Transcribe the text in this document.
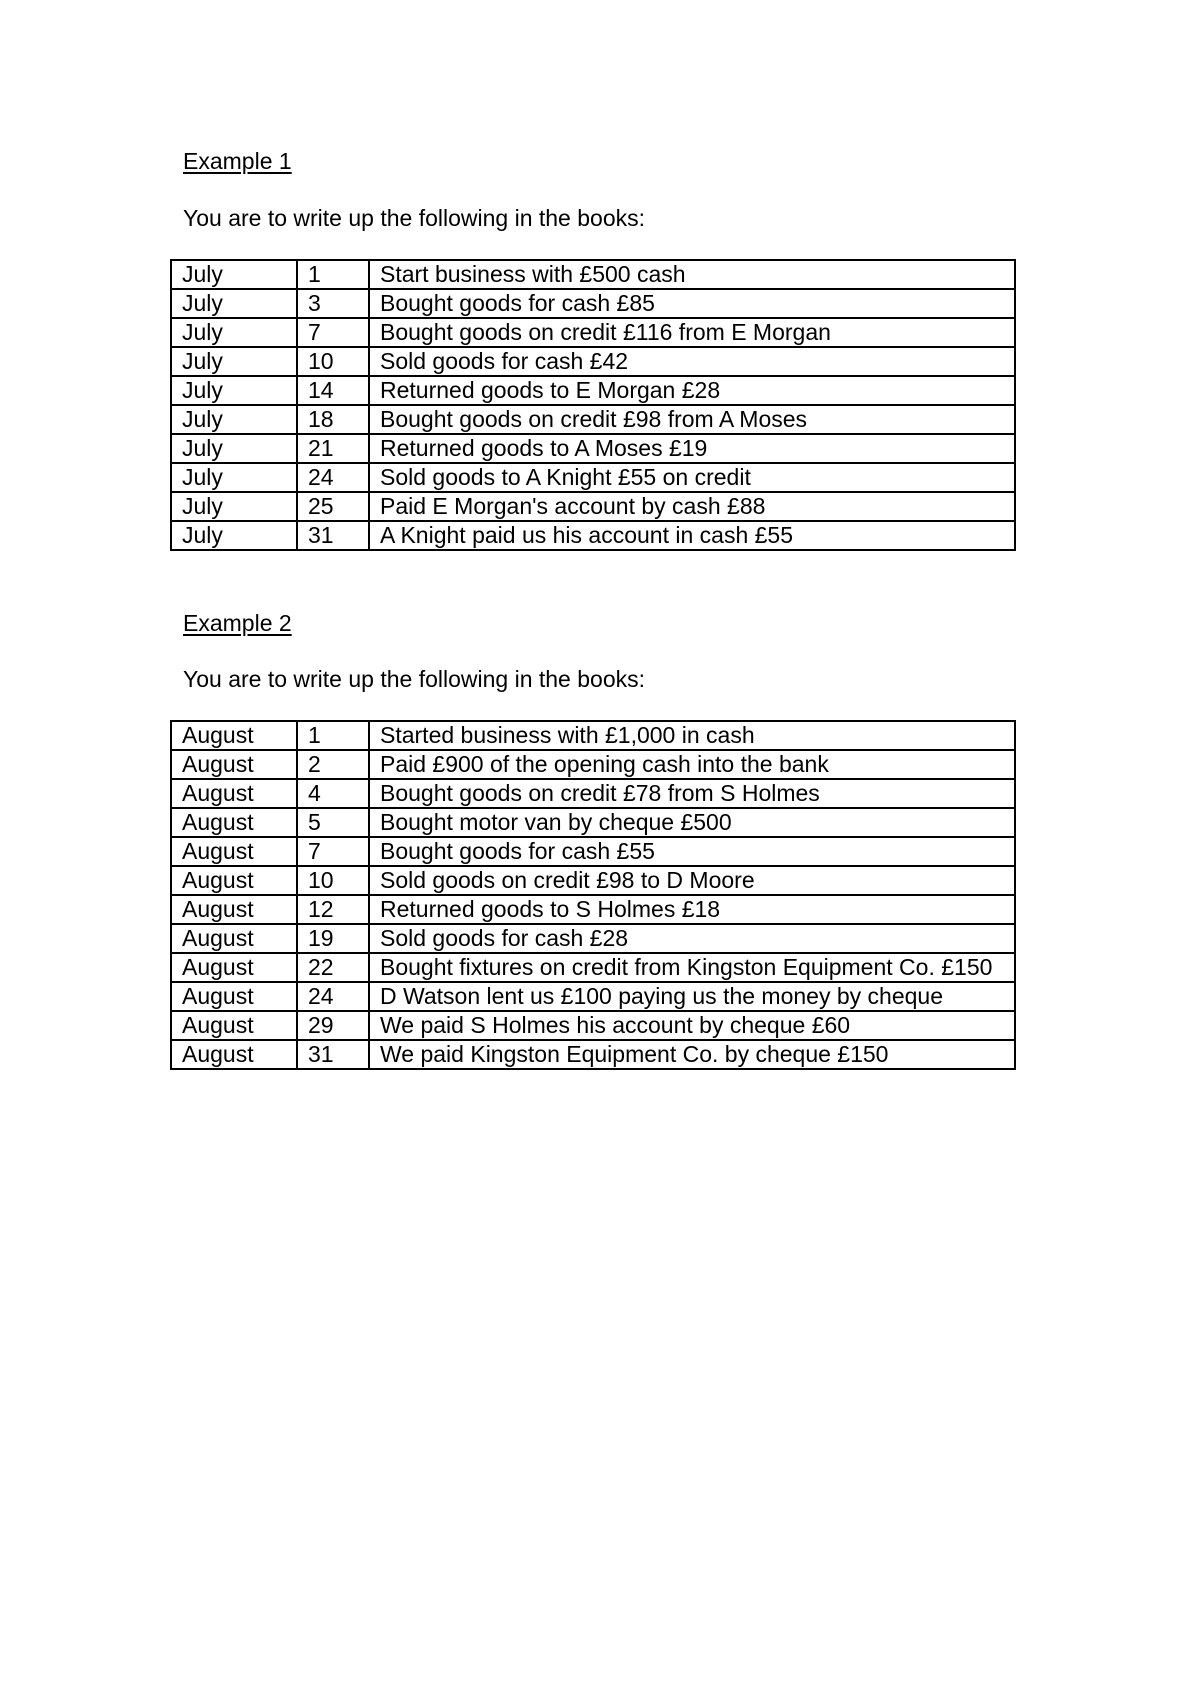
Example 1

You are to write up the following in the books:

July	1	Start business with £500 cash
July	3	Bought goods for cash £85
July	7	Bought goods on credit £116 from E Morgan
July	10	Sold goods for cash £42
July	14	Returned goods to E Morgan £28
July	18	Bought goods on credit £98 from A Moses
July	21	Returned goods to A Moses £19
July	24	Sold goods to A Knight £55 on credit
July	25	Paid E Morgan's account by cash £88
July	31	A Knight paid us his account in cash £55
Example 2

You are to write up the following in the books:

August	1	Started business with £1,000 in cash
August	2	Paid £900 of the opening cash into the bank
August	4	Bought goods on credit £78 from S Holmes
August	5	Bought motor van by cheque £500
August	7	Bought goods for cash £55
August	10	Sold goods on credit £98 to D Moore
August	12	Returned goods to S Holmes £18
August	19	Sold goods for cash £28
August	22	Bought fixtures on credit from Kingston Equipment Co. £150
August	24	D Watson lent us £100 paying us the money by cheque
August	29	We paid S Holmes his account by cheque £60
August	31	We paid Kingston Equipment Co. by cheque £150
